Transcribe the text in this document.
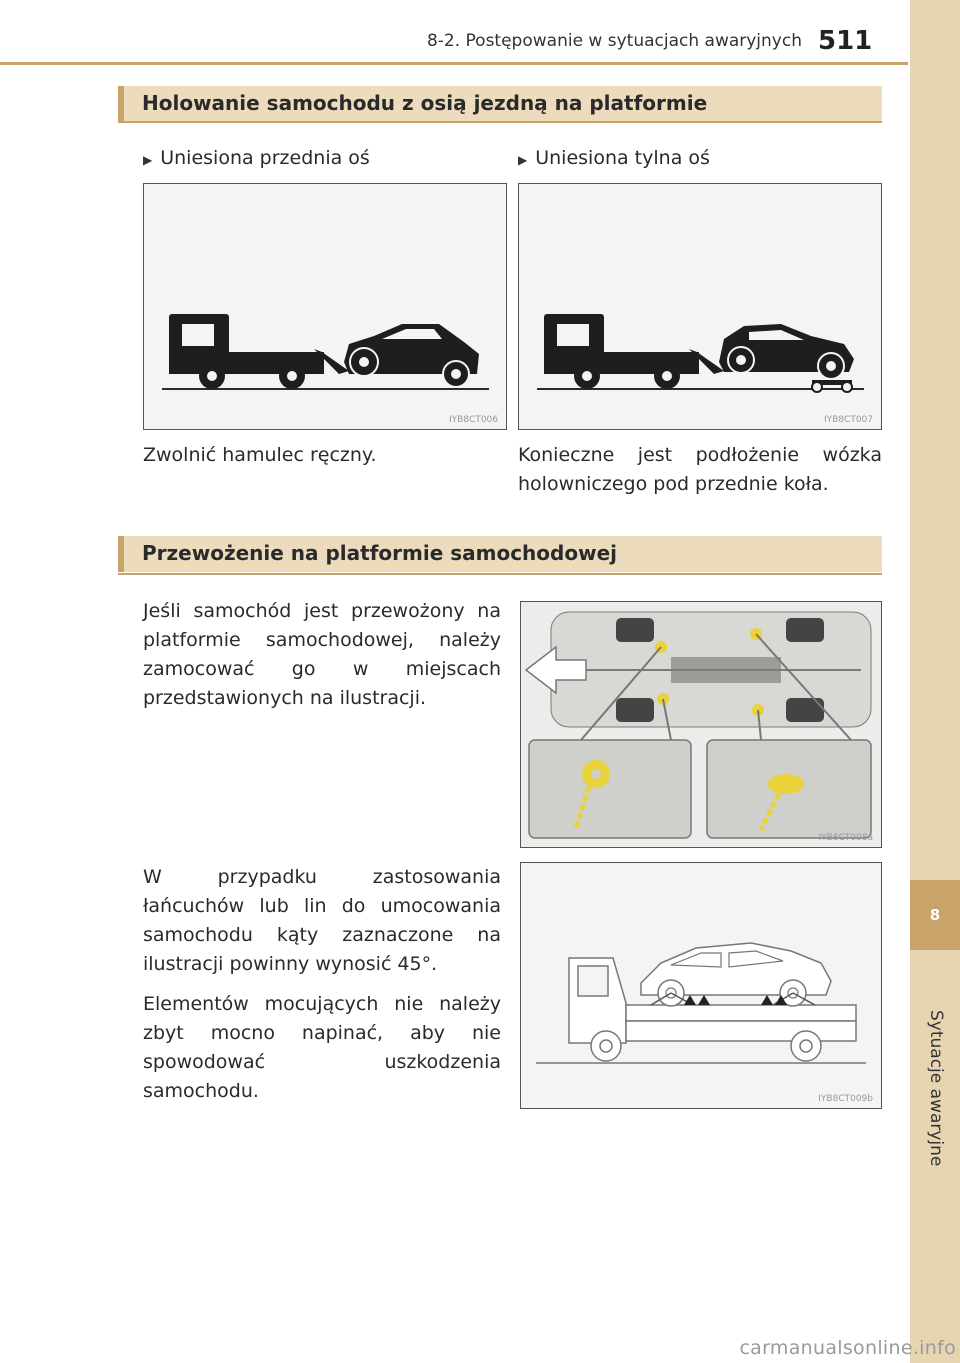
8-2. Postępowanie w sytuacjach awaryjnych 511
8
Sytuacje awaryjne
Holowanie samochodu z osią jezdną na platformie
▶ Uniesiona przednia oś	▶ Uniesiona tylna oś
IYB8CT006	IYB8CT007
Zwolnić hamulec ręczny.	Konieczne jest podłożenie wózka holowniczego pod przednie koła.
Przewożenie na platformie samochodowej
Jeśli samochód jest przewożony na platformie samochodowej, należy zamocować go w miejscach przedstawionych na ilustracji.
W przypadku zastosowania łańcuchów lub lin do umocowania samochodu kąty zaznaczone na ilustracji powinny wynosić 45°.
Elementów mocujących nie należy zbyt mocno napinać, aby nie spowodować uszkodzenia samochodu.
IYB8CT008a
IYB8CT009b
carmanualsonline.info
